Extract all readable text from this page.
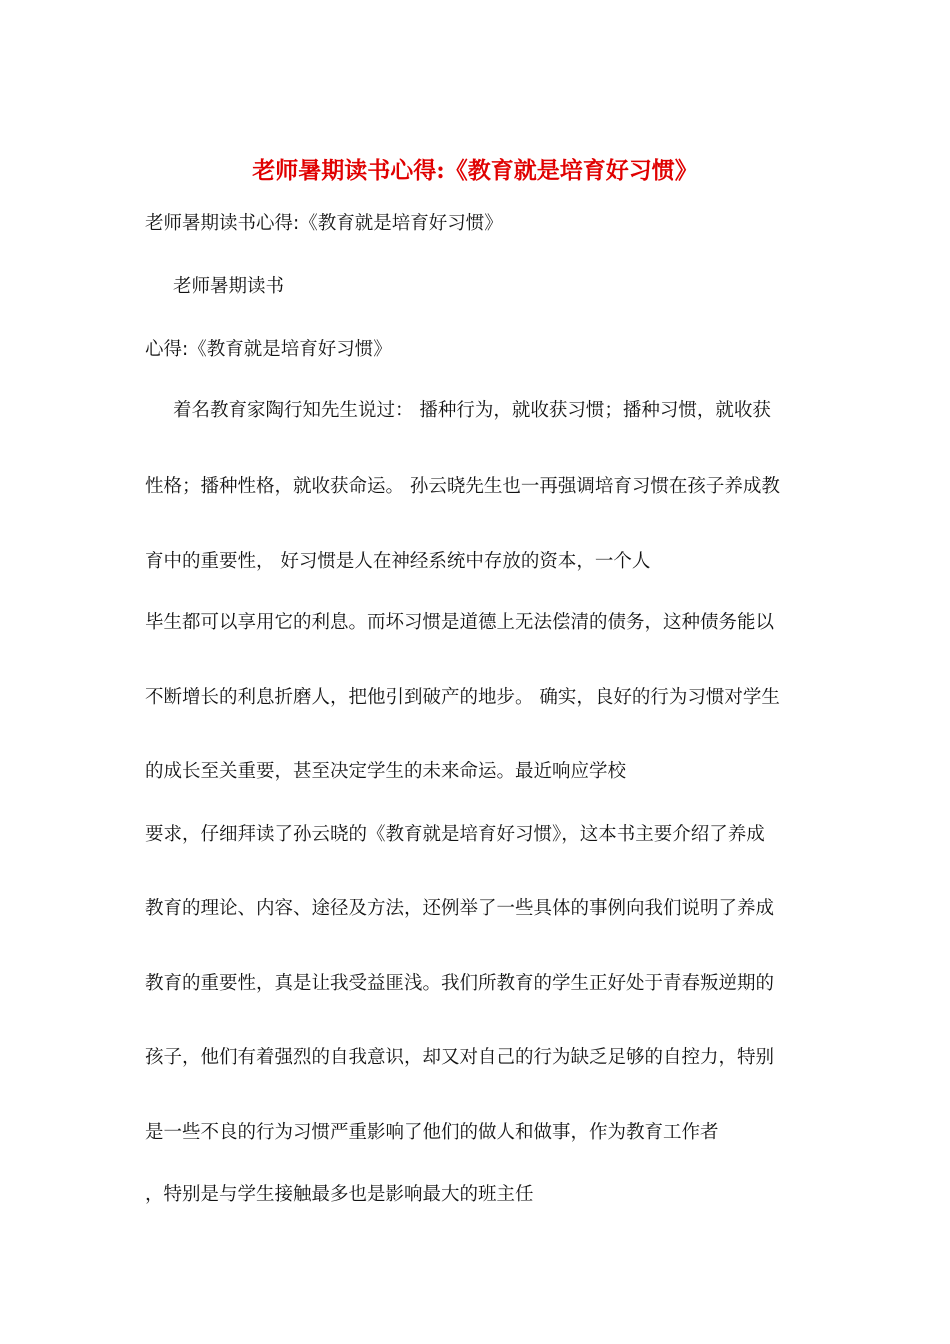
老师暑期读书心得:《教育就是培育好习惯》
老师暑期读书心得:《教育就是培育好习惯》
老师暑期读书
心得:《教育就是培育好习惯》
着名教育家陶行知先生说过： 播种行为，就收获习惯；播种习惯，就收获
性格；播种性格，就收获命运。 孙云晓先生也一再强调培育习惯在孩子养成教
育中的重要性， 好习惯是人在神经系统中存放的资本，一个人
毕生都可以享用它的利息。而坏习惯是道德上无法偿清的债务，这种债务能以
不断增长的利息折磨人，把他引到破产的地步。 确实，良好的行为习惯对学生
的成长至关重要，甚至决定学生的未来命运。最近响应学校
要求，仔细拜读了孙云晓的《教育就是培育好习惯》，这本书主要介绍了养成
教育的理论、内容、途径及方法，还例举了一些具体的事例向我们说明了养成
教育的重要性，真是让我受益匪浅。我们所教育的学生正好处于青春叛逆期的
孩子，他们有着强烈的自我意识，却又对自己的行为缺乏足够的自控力，特别
是一些不良的行为习惯严重影响了他们的做人和做事，作为教育工作者
，特别是与学生接触最多也是影响最大的班主任
